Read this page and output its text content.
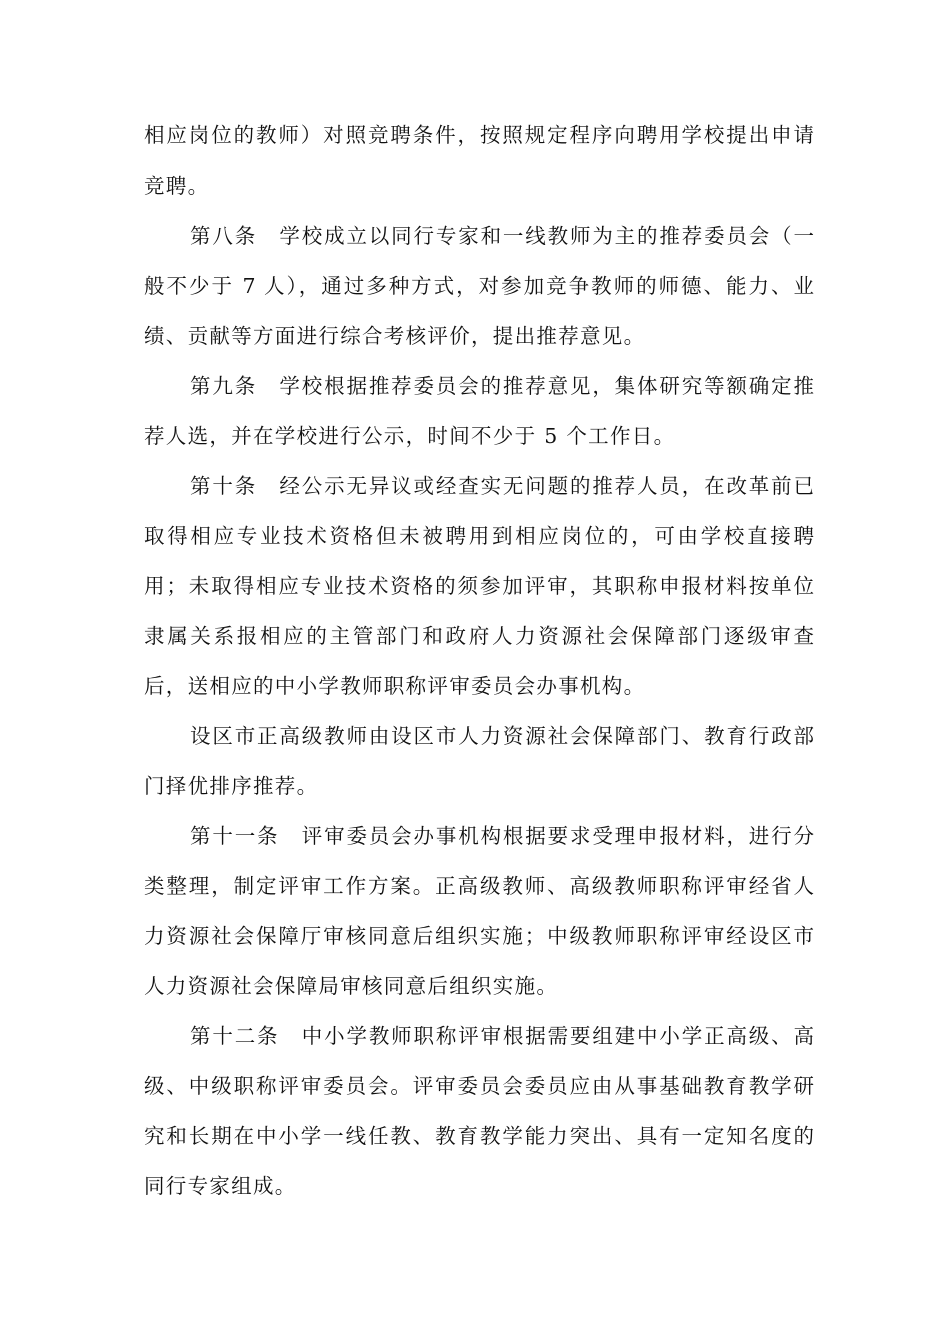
相应岗位的教师）对照竞聘条件，按照规定程序向聘用学校提出申请
竞聘。
第八条　学校成立以同行专家和一线教师为主的推荐委员会（一
般不少于 7 人），通过多种方式，对参加竞争教师的师德、能力、业
绩、贡献等方面进行综合考核评价，提出推荐意见。
第九条　学校根据推荐委员会的推荐意见，集体研究等额确定推
荐人选，并在学校进行公示，时间不少于 5 个工作日。
第十条　经公示无异议或经查实无问题的推荐人员，在改革前已
取得相应专业技术资格但未被聘用到相应岗位的，可由学校直接聘
用；未取得相应专业技术资格的须参加评审，其职称申报材料按单位
隶属关系报相应的主管部门和政府人力资源社会保障部门逐级审查
后，送相应的中小学教师职称评审委员会办事机构。
设区市正高级教师由设区市人力资源社会保障部门、教育行政部
门择优排序推荐。
第十一条　评审委员会办事机构根据要求受理申报材料，进行分
类整理，制定评审工作方案。正高级教师、高级教师职称评审经省人
力资源社会保障厅审核同意后组织实施；中级教师职称评审经设区市
人力资源社会保障局审核同意后组织实施。
第十二条　中小学教师职称评审根据需要组建中小学正高级、高
级、中级职称评审委员会。评审委员会委员应由从事基础教育教学研
究和长期在中小学一线任教、教育教学能力突出、具有一定知名度的
同行专家组成。
